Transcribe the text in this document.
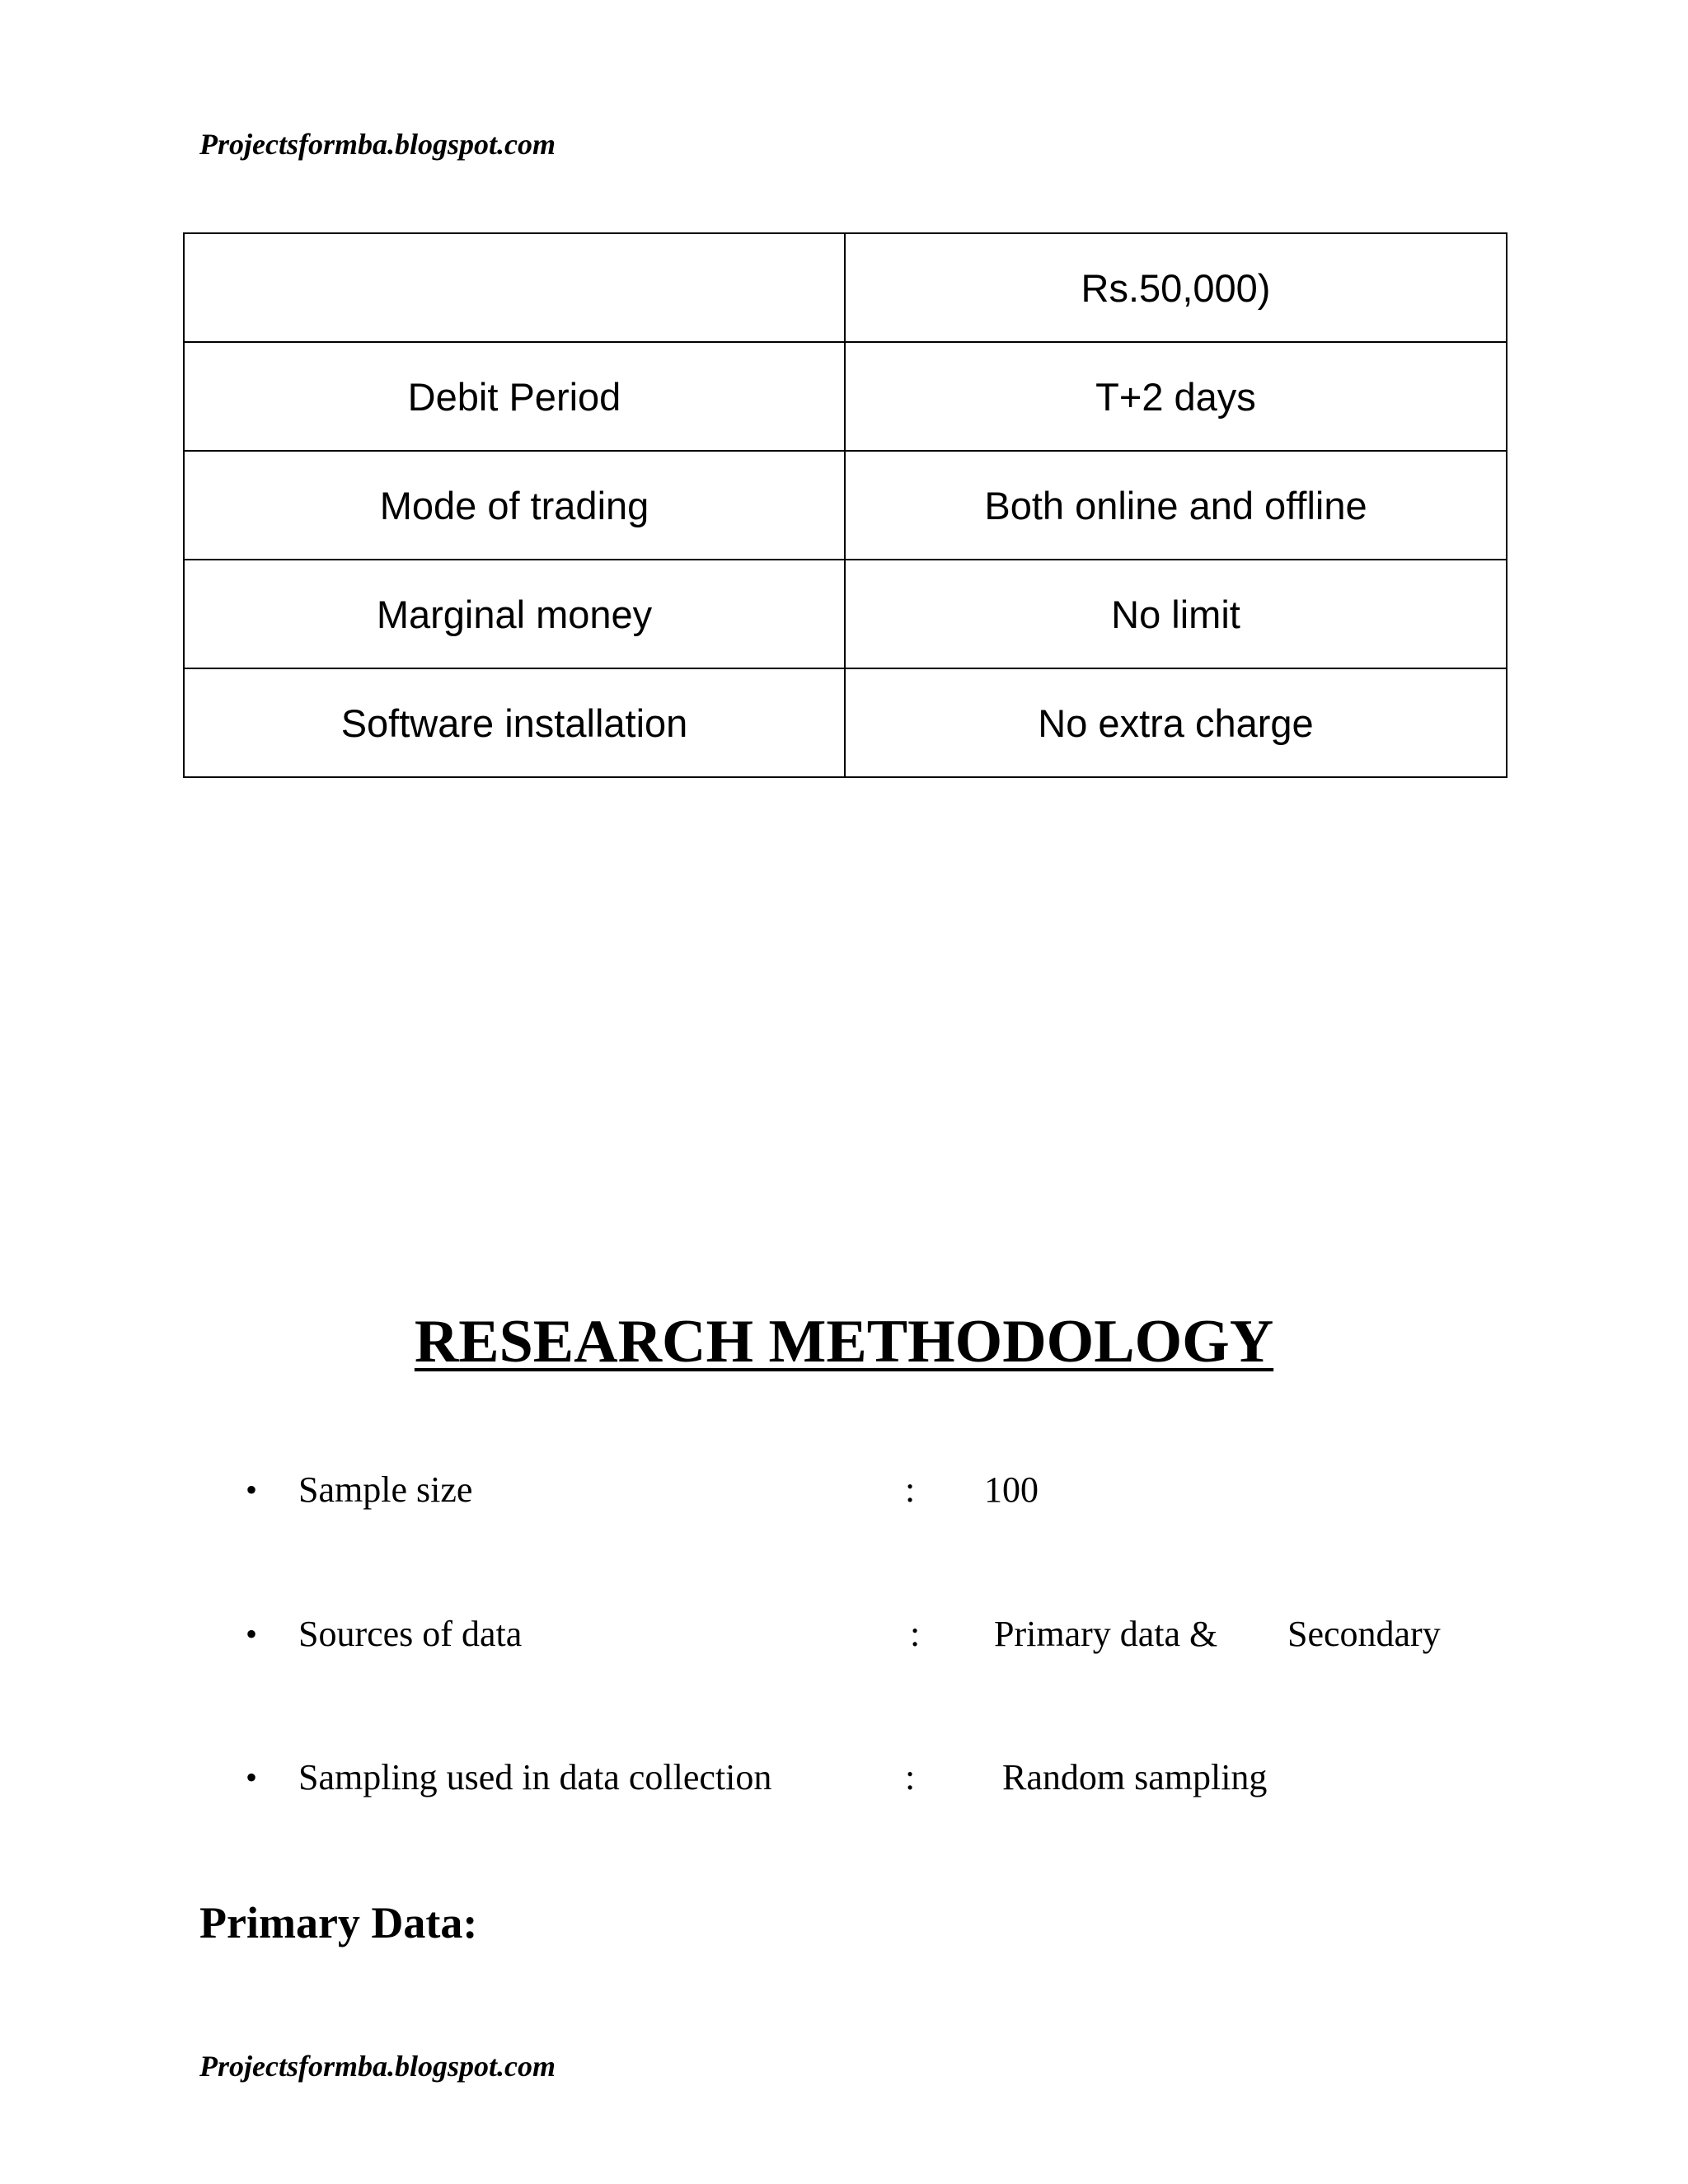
Projectsformba.blogspot.com

	Rs.50,000)
Debit Period	T+2 days
Mode of trading	Both online and offline
Marginal money	No limit
Software installation	No extra charge
RESEARCH METHODOLOGY
• Sample size	: 100
• Sources of data	: Primary data & Secondary
• Sampling used in data collection	: Random sampling
Primary Data:

Projectsformba.blogspot.com
